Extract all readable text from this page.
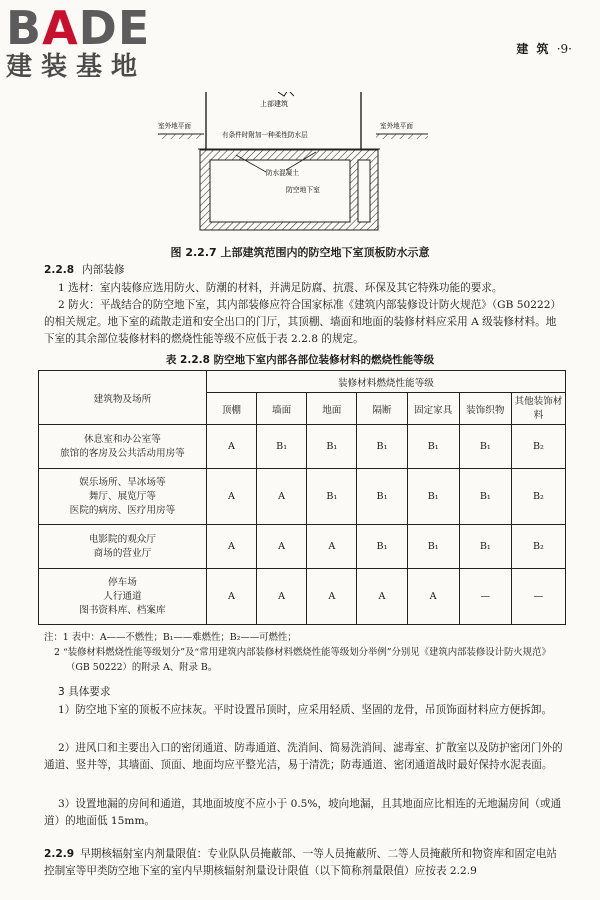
BADE
建装基地
建 筑 ·9·
上部建筑
室外地平面	室外地平面
有条件时附加一种柔性防水层
防水混凝土
防空地下室
图 2.2.7 上部建筑范围内的防空地下室顶板防水示意
2.2.8 内部装修
1 选材：室内装修应选用防火、防潮的材料，并满足防腐、抗震、环保及其它特殊功能的要求。
2 防火：平战结合的防空地下室，其内部装修应符合国家标准《建筑内部装修设计防火规范》（GB 50222）的相关规定。地下室的疏散走道和安全出口的门厅，其顶棚、墙面和地面的装修材料应采用 A 级装修材料。地下室的其余部位装修材料的燃烧性能等级不应低于表 2.2.8 的规定。
表 2.2.8 防空地下室内部各部位装修材料的燃烧性能等级
建筑物及场所	装修材料燃烧性能等级						
	顶棚	墙面	地面	隔断	固定家具	装饰织物	其他装饰材料
休息室和办公室等
旅馆的客房及公共活动用房等	A	B₁	B₁	B₁	B₁	B₁	B₂
娱乐场所、旱冰场等
舞厅、展览厅等
医院的病房、医疗用房等	A	A	B₁	B₁	B₁	B₁	B₂
电影院的观众厅
商场的营业厅	A	A	A	B₁	B₁	B₁	B₂
停车场
人行通道
图书资料库、档案库	A	A	A	A	A	—	—
注：1 表中：A——不燃性；B₁——难燃性；B₂——可燃性；
2 “装修材料燃烧性能等级划分”及“常用建筑内部装修材料燃烧性能等级划分举例”分别见《建筑内部装修设计防火规范》（GB 50222）的附录 A、附录 B。
3 具体要求
1）防空地下室的顶板不应抹灰。平时设置吊顶时，应采用轻质、坚固的龙骨，吊顶饰面材料应方便拆卸。
2）进风口和主要出入口的密闭通道、防毒通道、洗消间、简易洗消间、滤毒室、扩散室以及防护密闭门外的通道、竖井等，其墙面、顶面、地面均应平整光洁，易于清洗；防毒通道、密闭通道战时最好保持水泥表面。
3）设置地漏的房间和通道，其地面坡度不应小于 0.5%，坡向地漏，且其地面应比相连的无地漏房间（或通道）的地面低 15mm。
2.2.9 早期核辐射室内剂量限值：专业队队员掩蔽部、一等人员掩蔽所、二等人员掩蔽所和物资库和固定电站控制室等甲类防空地下室的室内早期核辐射剂量设计限值（以下简称剂量限值）应按表 2.2.9
